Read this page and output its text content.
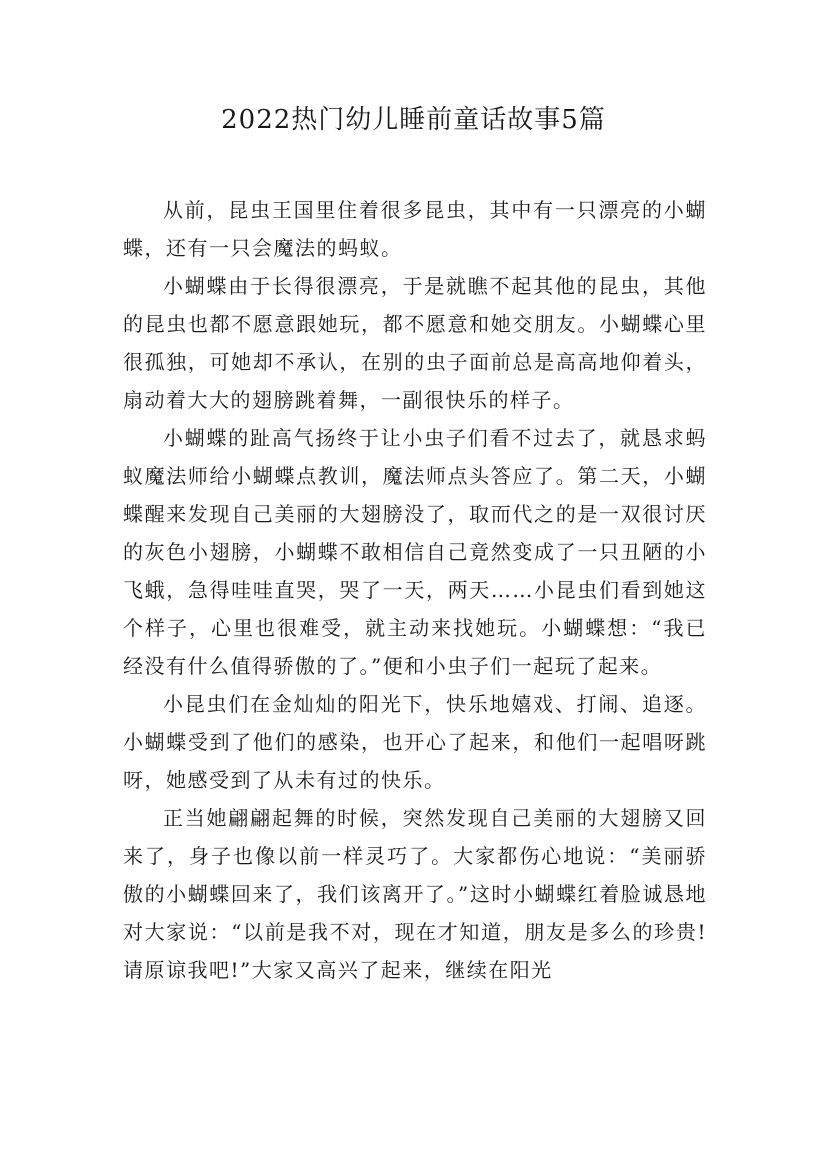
2022热门幼儿睡前童话故事5篇

从前，昆虫王国里住着很多昆虫，其中有一只漂亮的小蝴蝶，还有一只会魔法的蚂蚁。

小蝴蝶由于长得很漂亮，于是就瞧不起其他的昆虫，其他的昆虫也都不愿意跟她玩，都不愿意和她交朋友。小蝴蝶心里很孤独，可她却不承认，在别的虫子面前总是高高地仰着头，扇动着大大的翅膀跳着舞，一副很快乐的样子。

小蝴蝶的趾高气扬终于让小虫子们看不过去了，就恳求蚂蚁魔法师给小蝴蝶点教训，魔法师点头答应了。第二天，小蝴蝶醒来发现自己美丽的大翅膀没了，取而代之的是一双很讨厌的灰色小翅膀，小蝴蝶不敢相信自己竟然变成了一只丑陋的小飞蛾，急得哇哇直哭，哭了一天，两天……小昆虫们看到她这个样子，心里也很难受，就主动来找她玩。小蝴蝶想：“我已经没有什么值得骄傲的了。”便和小虫子们一起玩了起来。

小昆虫们在金灿灿的阳光下，快乐地嬉戏、打闹、追逐。小蝴蝶受到了他们的感染，也开心了起来，和他们一起唱呀跳呀，她感受到了从未有过的快乐。

正当她翩翩起舞的时候，突然发现自己美丽的大翅膀又回来了，身子也像以前一样灵巧了。大家都伤心地说：“美丽骄傲的小蝴蝶回来了，我们该离开了。”这时小蝴蝶红着脸诚恳地对大家说：“以前是我不对，现在才知道，朋友是多么的珍贵!请原谅我吧!”大家又高兴了起来，继续在阳光
